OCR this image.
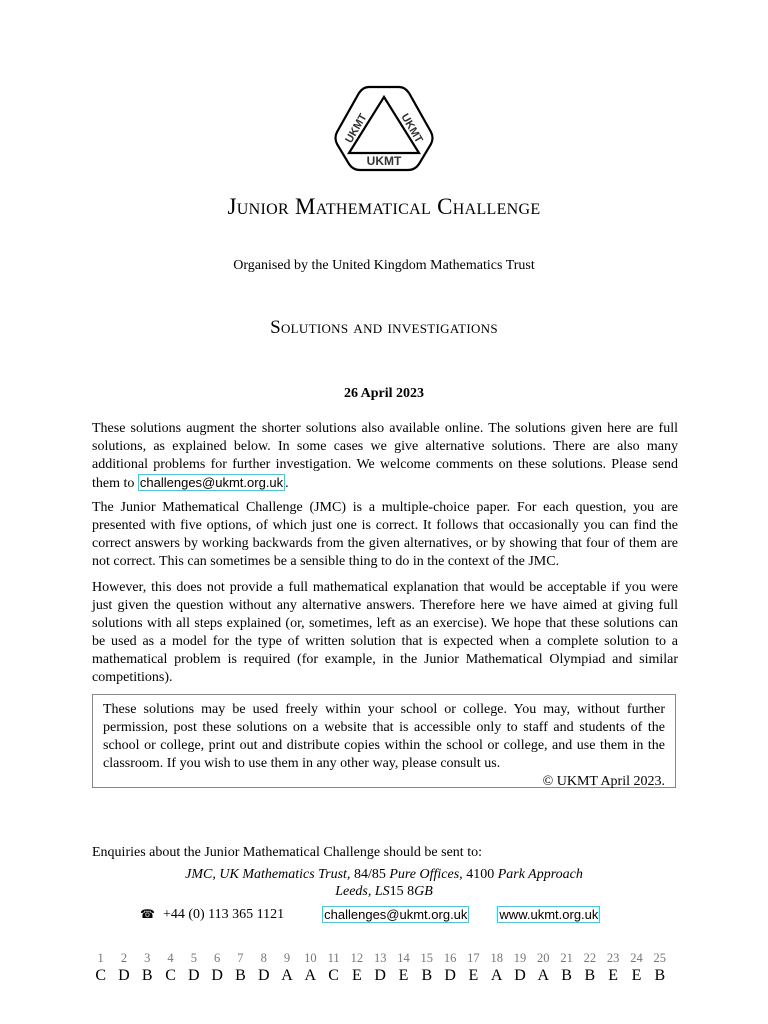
UKMT
UKMT	UKMT
Junior Mathematical Challenge
Organised by the United Kingdom Mathematics Trust
Solutions and investigations
26 April 2023

These solutions augment the shorter solutions also available online. The solutions given here are full solutions, as explained below. In some cases we give alternative solutions. There are also many additional problems for further investigation. We welcome comments on these solutions. Please send them to challenges@ukmt.org.uk .

The Junior Mathematical Challenge (JMC) is a multiple-choice paper. For each question, you are presented with five options, of which just one is correct. It follows that occasionally you can find the correct answers by working backwards from the given alternatives, or by showing that four of them are not correct. This can sometimes be a sensible thing to do in the context of the JMC.

However, this does not provide a full mathematical explanation that would be acceptable if you were just given the question without any alternative answers. Therefore here we have aimed at giving full solutions with all steps explained (or, sometimes, left as an exercise). We hope that these solutions can be used as a model for the type of written solution that is expected when a complete solution to a mathematical problem is required (for example, in the Junior Mathematical Olympiad and similar competitions).

These solutions may be used freely within your school or college. You may, without further permission, post these solutions on a website that is accessible only to staff and students of the school or college, print out and distribute copies within the school or college, and use them in the classroom. If you wish to use them in any other way, please consult us.

© UKMT April 2023.

Enquiries about the Junior Mathematical Challenge should be sent to:
JMC, UK Mathematics Trust, 84/85 Pure Offices, 4100 Park Approach
Leeds, LS15 8GB
☎ +44 (0) 113 365 1121	challenges@ukmt.org.uk www.ukmt.org.uk
1
C
2
D
3
B
4
C
5
D
6
D
7
B
8
D
9
A
10
A
11
C
12
E
13
D
14
E
15
B
16
D
17
E
18
A
19
D
20
A
21
B
22
B
23
E
24
E
25
B
